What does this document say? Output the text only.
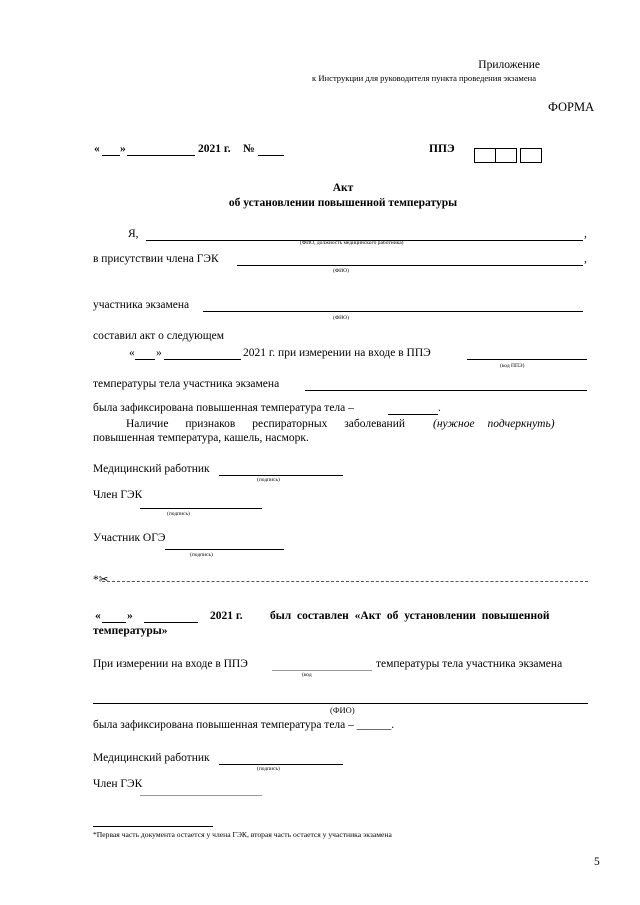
Приложение
к Инструкции для руководителя пункта проведения экзамена
ФОРМА
« »	2021 г. №	ППЭ
Акт
об установлении повышенной температуры
Я,	,
(ФИО, должность медицинского работника)
в присутствии члена ГЭК	,
(ФИО)
участника экзамена
(ФИО)
составил акт о следующем
« »	2021 г. при измерении на входе в ППЭ
(код ППЭ)
температуры тела участника экзамена
была зафиксирована повышенная температура тела –	.
Наличие признаков респираторных заболеваний (нужное подчеркнуть)
повышенная температура, кашель, насморк.
Медицинский работник
(подпись)
Член ГЭК
(подпись)
Участник ОГЭ
(подпись)
*✂
« »	2021 г. был составлен «Акт об установлении повышенной
температуры»
При измерении на входе в ППЭ	температуры тела участника экзамена
(код
(ФИО)
была зафиксирована повышенная температура тела – ______.
Медицинский работник
(подпись)
Член ГЭК
*Первая часть документа остается у члена ГЭК, вторая часть остается у участника экзамена
5
